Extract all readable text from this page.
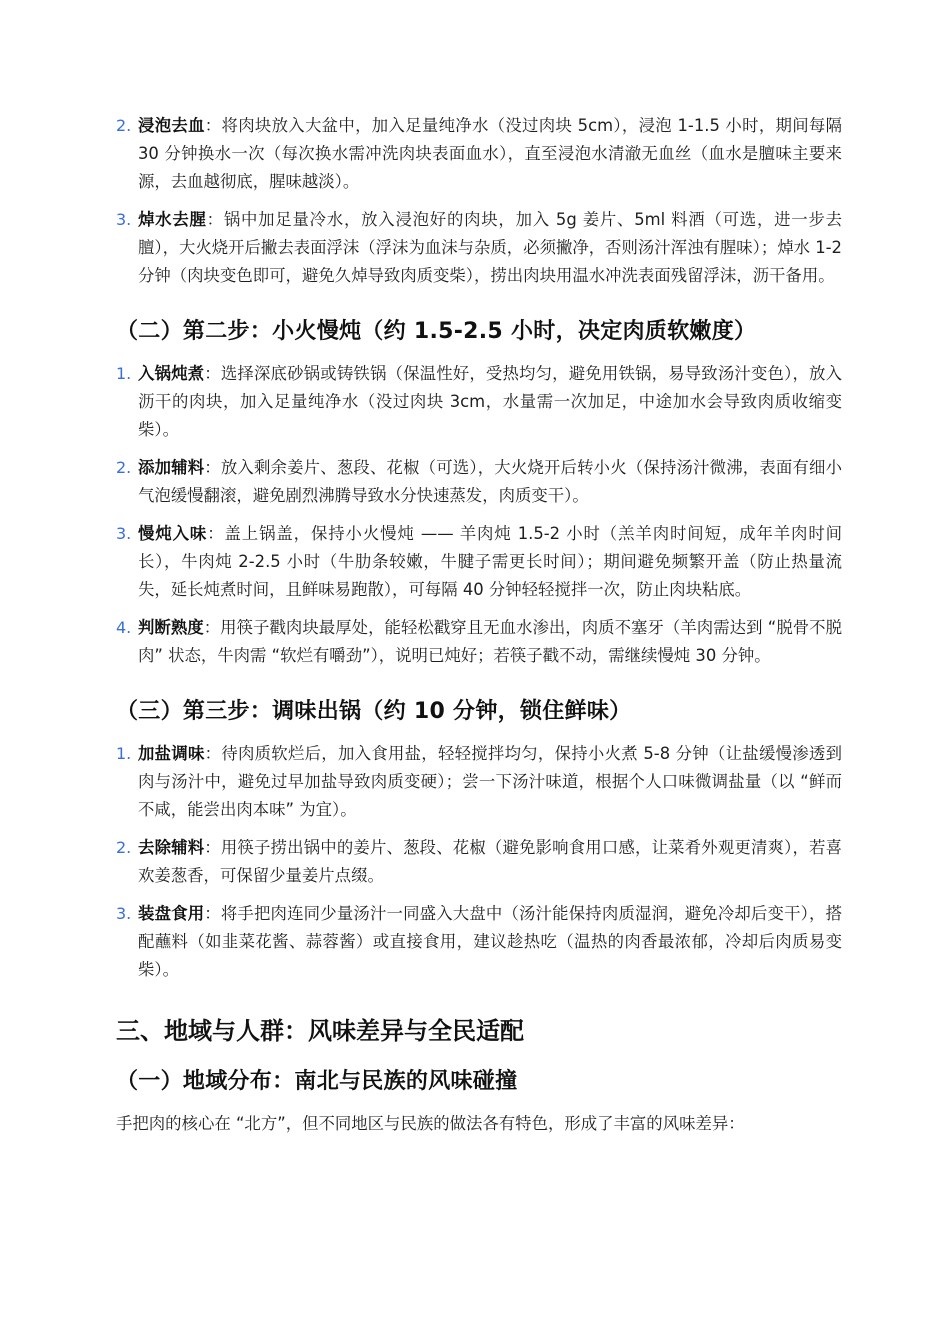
2. 浸泡去血：将肉块放入大盆中，加入足量纯净水（没过肉块 5cm），浸泡 1-1.5 小时，期间每隔 30 分钟换水一次（每次换水需冲洗肉块表面血水），直至浸泡水清澈无血丝（血水是膻味主要来源，去血越彻底，腥味越淡）。
3. 焯水去腥：锅中加足量冷水，放入浸泡好的肉块，加入 5g 姜片、5ml 料酒（可选，进一步去膻），大火烧开后撇去表面浮沫（浮沫为血沫与杂质，必须撇净，否则汤汁浑浊有腥味）；焯水 1-2 分钟（肉块变色即可，避免久焯导致肉质变柴），捞出肉块用温水冲洗表面残留浮沫，沥干备用。
（二）第二步：小火慢炖（约 1.5-2.5 小时，决定肉质软嫩度）
1. 入锅炖煮：选择深底砂锅或铸铁锅（保温性好，受热均匀，避免用铁锅，易导致汤汁变色），放入沥干的肉块，加入足量纯净水（没过肉块 3cm，水量需一次加足，中途加水会导致肉质收缩变柴）。
2. 添加辅料：放入剩余姜片、葱段、花椒（可选），大火烧开后转小火（保持汤汁微沸，表面有细小气泡缓慢翻滚，避免剧烈沸腾导致水分快速蒸发，肉质变干）。
3. 慢炖入味：盖上锅盖，保持小火慢炖 —— 羊肉炖 1.5-2 小时（羔羊肉时间短，成年羊肉时间长），牛肉炖 2-2.5 小时（牛肋条较嫩，牛腱子需更长时间）；期间避免频繁开盖（防止热量流失，延长炖煮时间，且鲜味易跑散），可每隔 40 分钟轻轻搅拌一次，防止肉块粘底。
4. 判断熟度：用筷子戳肉块最厚处，能轻松戳穿且无血水渗出，肉质不塞牙（羊肉需达到 “脱骨不脱肉” 状态，牛肉需 “软烂有嚼劲”），说明已炖好；若筷子戳不动，需继续慢炖 30 分钟。
（三）第三步：调味出锅（约 10 分钟，锁住鲜味）
1. 加盐调味：待肉质软烂后，加入食用盐，轻轻搅拌均匀，保持小火煮 5-8 分钟（让盐缓慢渗透到肉与汤汁中，避免过早加盐导致肉质变硬）；尝一下汤汁味道，根据个人口味微调盐量（以 “鲜而不咸，能尝出肉本味” 为宜）。
2. 去除辅料：用筷子捞出锅中的姜片、葱段、花椒（避免影响食用口感，让菜肴外观更清爽），若喜欢姜葱香，可保留少量姜片点缀。
3. 装盘食用：将手把肉连同少量汤汁一同盛入大盘中（汤汁能保持肉质湿润，避免冷却后变干），搭配蘸料（如韭菜花酱、蒜蓉酱）或直接食用，建议趁热吃（温热的肉香最浓郁，冷却后肉质易变柴）。
三、地域与人群：风味差异与全民适配
（一）地域分布：南北与民族的风味碰撞

手把肉的核心在 “北方”，但不同地区与民族的做法各有特色，形成了丰富的风味差异：
